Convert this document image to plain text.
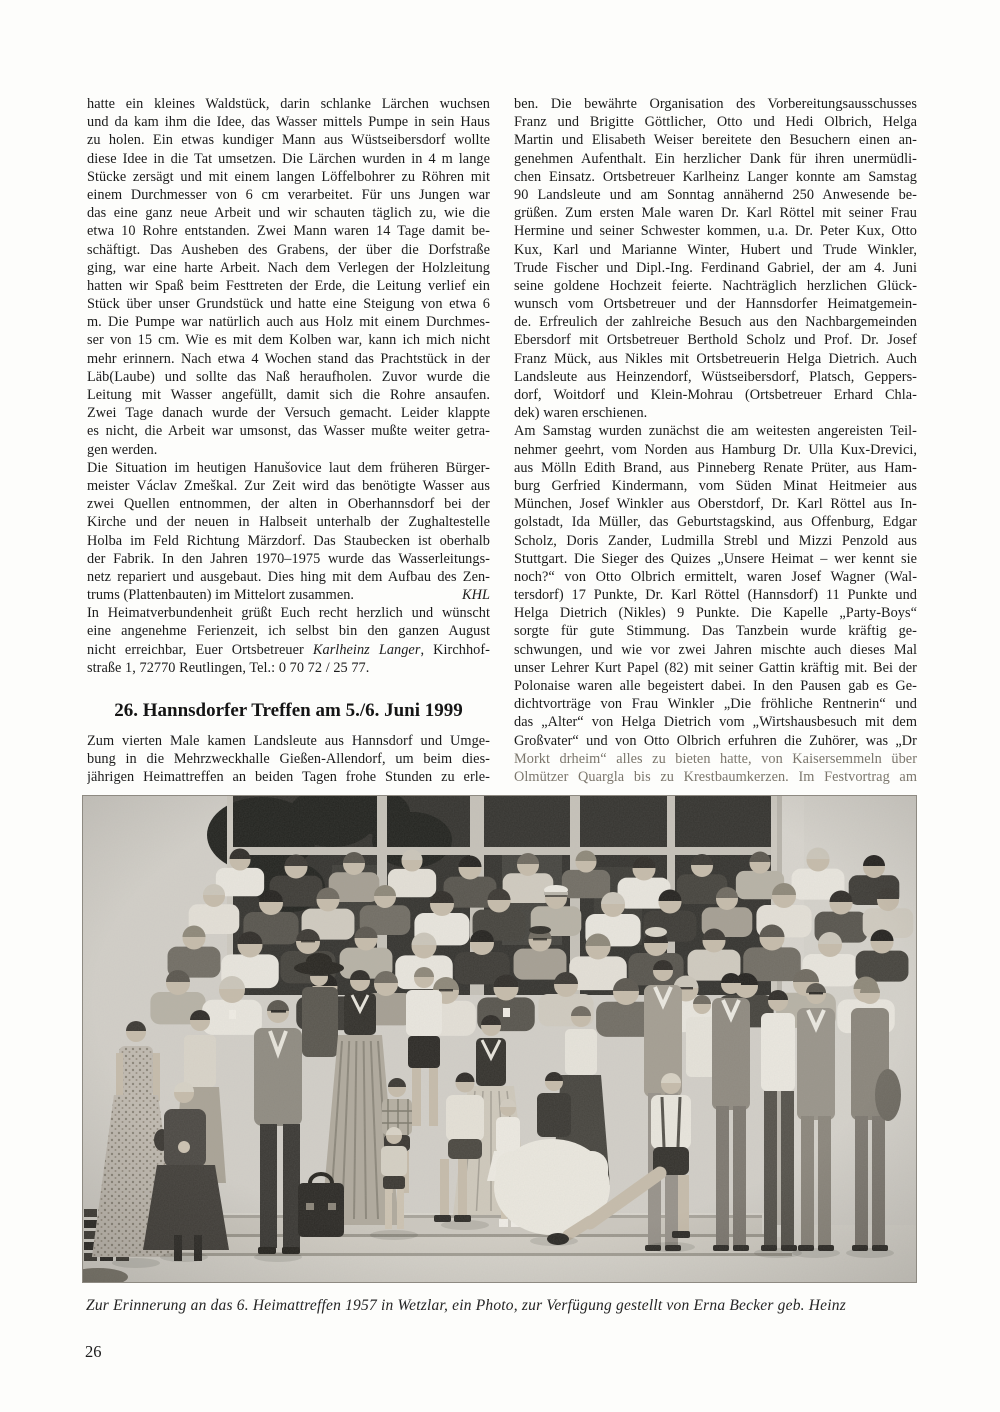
hatte ein kleines Waldstück, darin schlanke Lärchen wuchsen
und da kam ihm die Idee, das Wasser mittels Pumpe in sein Haus
zu holen. Ein etwas kundiger Mann aus Wüstseibersdorf wollte
diese Idee in die Tat umsetzen. Die Lärchen wurden in 4 m lange
Stücke zersägt und mit einem langen Löffelbohrer zu Röhren mit
einem Durchmesser von 6 cm verarbeitet. Für uns Jungen war
das eine ganz neue Arbeit und wir schauten täglich zu, wie die
etwa 10 Rohre entstanden. Zwei Mann waren 14 Tage damit be-
schäftigt. Das Ausheben des Grabens, der über die Dorfstraße
ging, war eine harte Arbeit. Nach dem Verlegen der Holzleitung
hatten wir Spaß beim Festtreten der Erde, die Leitung verlief ein
Stück über unser Grundstück und hatte eine Steigung von etwa 6
m. Die Pumpe war natürlich auch aus Holz mit einem Durchmes-
ser von 15 cm. Wie es mit dem Kolben war, kann ich mich nicht
mehr erinnern. Nach etwa 4 Wochen stand das Prachtstück in der
Läb(Laube) und sollte das Naß heraufholen. Zuvor wurde die
Leitung mit Wasser angefüllt, damit sich die Rohre ansaufen.
Zwei Tage danach wurde der Versuch gemacht. Leider klappte
es nicht, die Arbeit war umsonst, das Wasser mußte weiter getra-
gen werden.
Die Situation im heutigen Hanušovice laut dem früheren Bürger-
meister Václav Zmeškal. Zur Zeit wird das benötigte Wasser aus
zwei Quellen entnommen, der alten in Oberhannsdorf bei der
Kirche und der neuen in Halbseit unterhalb der Zughaltestelle
Holba im Feld Richtung Märzdorf. Das Staubecken ist oberhalb
der Fabrik. In den Jahren 1970–1975 wurde das Wasserleitungs-
netz repariert und ausgebaut. Dies hing mit dem Aufbau des Zen-
trums (Plattenbauten) im Mittelort zusammen.	KHL
In Heimatverbundenheit grüßt Euch recht herzlich und wünscht
eine angenehme Ferienzeit, ich selbst bin den ganzen August
nicht erreichbar, Euer Ortsbetreuer Karlheinz Langer, Kirchhof-
straße 1, 72770 Reutlingen, Tel.: 0 70 72 / 25 77.
26. Hannsdorfer Treffen am 5./6. Juni 1999
Zum vierten Male kamen Landsleute aus Hannsdorf und Umge-
bung in die Mehrzweckhalle Gießen-Allendorf, um beim dies-
jährigen Heimattreffen an beiden Tagen frohe Stunden zu erle-
ben. Die bewährte Organisation des Vorbereitungsausschusses
Franz und Brigitte Göttlicher, Otto und Hedi Olbrich, Helga
Martin und Elisabeth Weiser bereitete den Besuchern einen an-
genehmen Aufenthalt. Ein herzlicher Dank für ihren unermüdli-
chen Einsatz. Ortsbetreuer Karlheinz Langer konnte am Samstag
90 Landsleute und am Sonntag annähernd 250 Anwesende be-
grüßen. Zum ersten Male waren Dr. Karl Röttel mit seiner Frau
Hermine und seiner Schwester kommen, u.a. Dr. Peter Kux, Otto
Kux, Karl und Marianne Winter, Hubert und Trude Winkler,
Trude Fischer und Dipl.-Ing. Ferdinand Gabriel, der am 4. Juni
seine goldene Hochzeit feierte. Nachträglich herzlichen Glück-
wunsch vom Ortsbetreuer und der Hannsdorfer Heimatgemein-
de. Erfreulich der zahlreiche Besuch aus den Nachbargemeinden
Ebersdorf mit Ortsbetreuer Berthold Scholz und Prof. Dr. Josef
Franz Mück, aus Nikles mit Ortsbetreuerin Helga Dietrich. Auch
Landsleute aus Heinzendorf, Wüstseibersdorf, Platsch, Geppers-
dorf, Woitdorf und Klein-Mohrau (Ortsbetreuer Erhard Chla-
dek) waren erschienen.
Am Samstag wurden zunächst die am weitesten angereisten Teil-
nehmer geehrt, vom Norden aus Hamburg Dr. Ulla Kux-Drevici,
aus Mölln Edith Brand, aus Pinneberg Renate Prüter, aus Ham-
burg Gerfried Kindermann, vom Süden Minat Heitmeier aus
München, Josef Winkler aus Oberstdorf, Dr. Karl Röttel aus In-
golstadt, Ida Müller, das Geburtstagskind, aus Offenburg, Edgar
Scholz, Doris Zander, Ludmilla Strebl und Mizzi Penzold aus
Stuttgart. Die Sieger des Quizes „Unsere Heimat – wer kennt sie
noch?“ von Otto Olbrich ermittelt, waren Josef Wagner (Wal-
tersdorf) 17 Punkte, Dr. Karl Röttel (Hannsdorf) 11 Punkte und
Helga Dietrich (Nikles) 9 Punkte. Die Kapelle „Party-Boys“
sorgte für gute Stimmung. Das Tanzbein wurde kräftig ge-
schwungen, und wie vor zwei Jahren mischte auch dieses Mal
unser Lehrer Kurt Papel (82) mit seiner Gattin kräftig mit. Bei der
Polonaise waren alle begeistert dabei. In den Pausen gab es Ge-
dichtvorträge von Frau Winkler „Die fröhliche Rentnerin“ und
das „Alter“ von Helga Dietrich vom „Wirtshausbesuch mit dem
Großvater“ und von Otto Olbrich erfuhren die Zuhörer, was „Dr
Morkt drheim“ alles zu bieten hatte, von Kaisersemmeln über
Olmützer Quargla bis zu Krestbaumkerzen. Im Festvortrag am
Zur Erinnerung an das 6. Heimattreffen 1957 in Wetzlar, ein Photo, zur Verfügung gestellt von Erna Becker geb. Heinz
26
